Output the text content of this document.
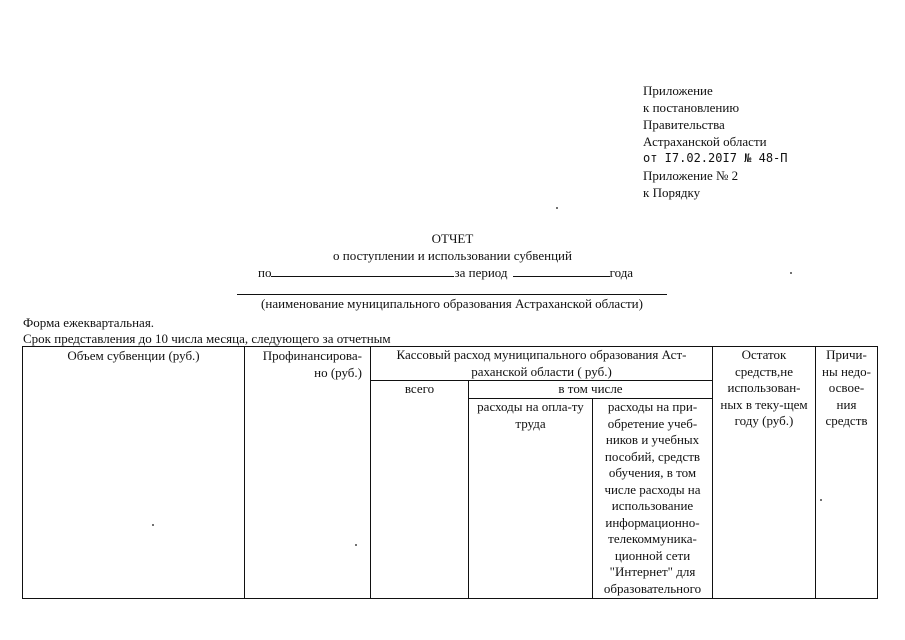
Приложение
к постановлению
Правительства
Астраханской области
от I7.02.20I7 № 48-П
Приложение № 2
к Порядку
ОТЧЕТ
о поступлении и использовании субвенций
по	за период	года
(наименование муниципального образования Астраханской области)
Форма ежеквартальная.
Срок представления до 10 числа месяца, следующего за отчетным
Объем субвенции (руб.)	Профинансирова-но (руб.)	Кассовый расход муниципального образования Аст-раханской области ( руб.)			Остаток средств,не использован-ных в теку-щем году (руб.)	Причи-ны недо-освое-ния средств

		всего	в том числе			

			расходы на опла-ту труда	расходы на при-обретение учеб-ников и учебных пособий, средств обучения, в том числе расходы на использование информационно-телекоммуника-ционной сети "Интернет" для образовательного		
